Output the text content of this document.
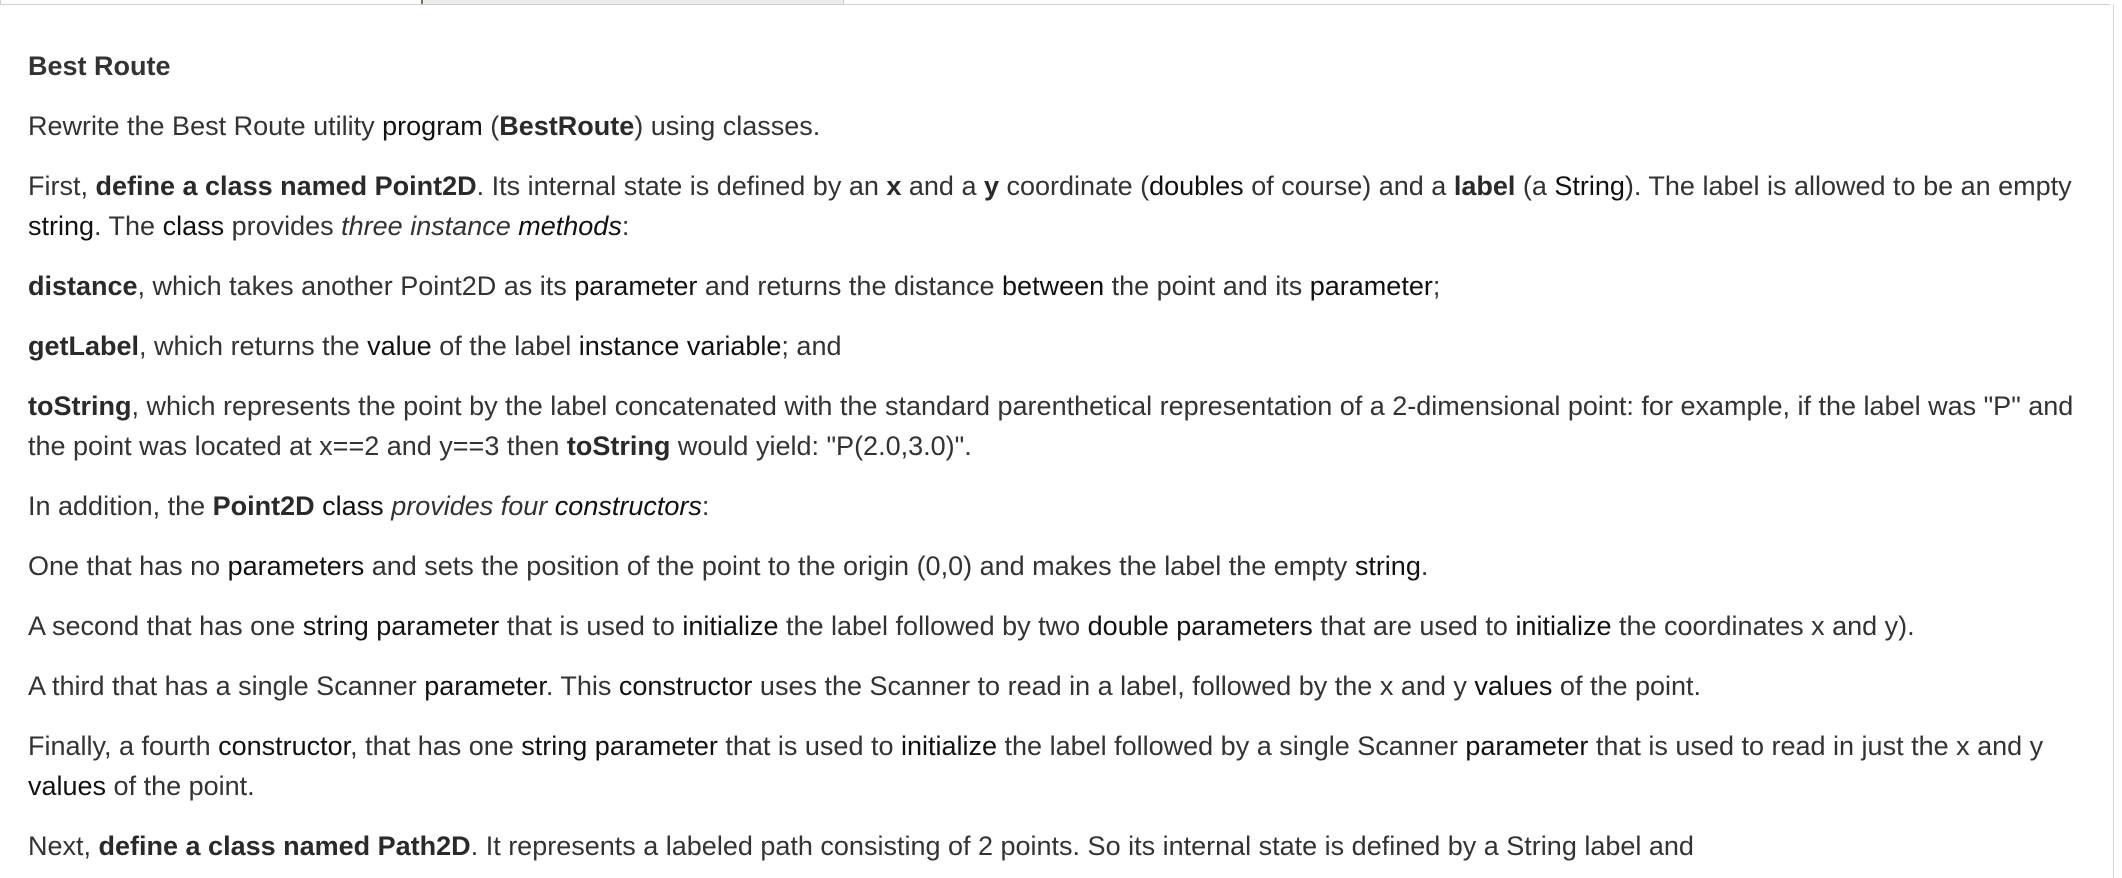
Best Route

Rewrite the Best Route utility program (BestRoute) using classes.

First, define a class named Point2D. Its internal state is defined by an x and a y coordinate (doubles of course) and a label (a String). The label is allowed to be an empty string. The class provides three instance methods:

distance, which takes another Point2D as its parameter and returns the distance between the point and its parameter;

getLabel, which returns the value of the label instance variable; and

toString, which represents the point by the label concatenated with the standard parenthetical representation of a 2-dimensional point: for example, if the label was "P" and the point was located at x==2 and y==3 then toString would yield: "P(2.0,3.0)".

In addition, the Point2D class provides four constructors:

One that has no parameters and sets the position of the point to the origin (0,0) and makes the label the empty string.

A second that has one string parameter that is used to initialize the label followed by two double parameters that are used to initialize the coordinates x and y).

A third that has a single Scanner parameter. This constructor uses the Scanner to read in a label, followed by the x and y values of the point.

Finally, a fourth constructor, that has one string parameter that is used to initialize the label followed by a single Scanner parameter that is used to read in just the x and y values of the point.

Next, define a class named Path2D. It represents a labeled path consisting of 2 points. So its internal state is defined by a String label and
